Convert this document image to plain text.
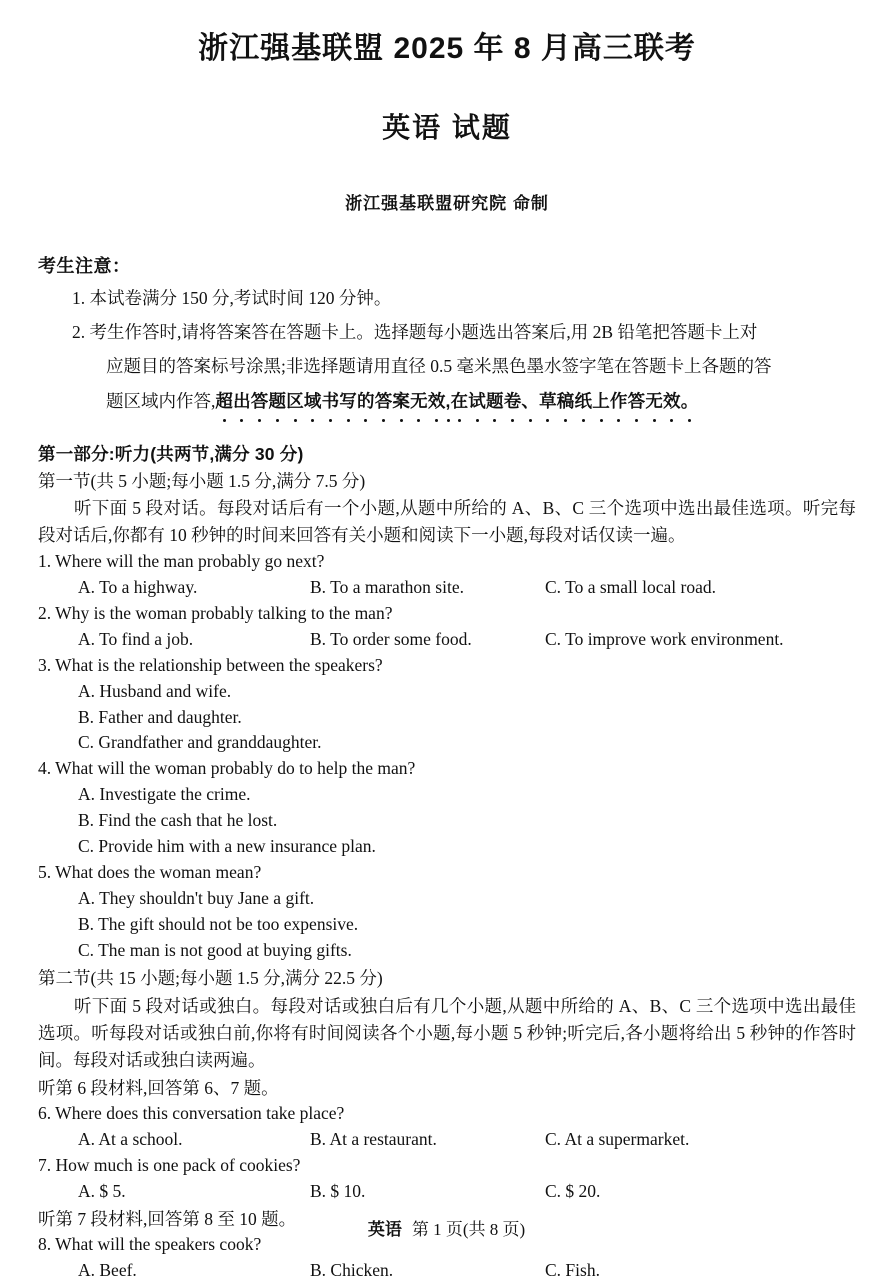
浙江强基联盟 2025 年 8 月高三联考
英语 试题
浙江强基联盟研究院 命制
考生注意：
1. 本试卷满分 150 分,考试时间 120 分钟。
2. 考生作答时,请将答案答在答题卡上。选择题每小题选出答案后,用 2B 铅笔把答题卡上对
应题目的答案标号涂黑;非选择题请用直径 0.5 毫米黑色墨水签字笔在答题卡上各题的答
题区域内作答,超出答题区域书写的答案无效,在试题卷、草稿纸上作答无效。
第一部分:听力(共两节,满分 30 分)
第一节(共 5 小题;每小题 1.5 分,满分 7.5 分)
听下面 5 段对话。每段对话后有一个小题,从题中所给的 A、B、C 三个选项中选出最佳选项。听完每段对话后,你都有 10 秒钟的时间来回答有关小题和阅读下一小题,每段对话仅读一遍。
1. Where will the man probably go next?
A. To a highway.	B. To a marathon site.	C. To a small local road.
2. Why is the woman probably talking to the man?
A. To find a job.	B. To order some food.	C. To improve work environment.
3. What is the relationship between the speakers?
A. Husband and wife.
B. Father and daughter.
C. Grandfather and granddaughter.
4. What will the woman probably do to help the man?
A. Investigate the crime.
B. Find the cash that he lost.
C. Provide him with a new insurance plan.
5. What does the woman mean?
A. They shouldn't buy Jane a gift.
B. The gift should not be too expensive.
C. The man is not good at buying gifts.
第二节(共 15 小题;每小题 1.5 分,满分 22.5 分)
听下面 5 段对话或独白。每段对话或独白后有几个小题,从题中所给的 A、B、C 三个选项中选出最佳选项。听每段对话或独白前,你将有时间阅读各个小题,每小题 5 秒钟;听完后,各小题将给出 5 秒钟的作答时间。每段对话或独白读两遍。
听第 6 段材料,回答第 6、7 题。
6. Where does this conversation take place?
A. At a school.	B. At a restaurant.	C. At a supermarket.
7. How much is one pack of cookies?
A. $ 5.	B. $ 10.	C. $ 20.
听第 7 段材料,回答第 8 至 10 题。
8. What will the speakers cook?
A. Beef.	B. Chicken.	C. Fish.
英语 第 1 页(共 8 页)
